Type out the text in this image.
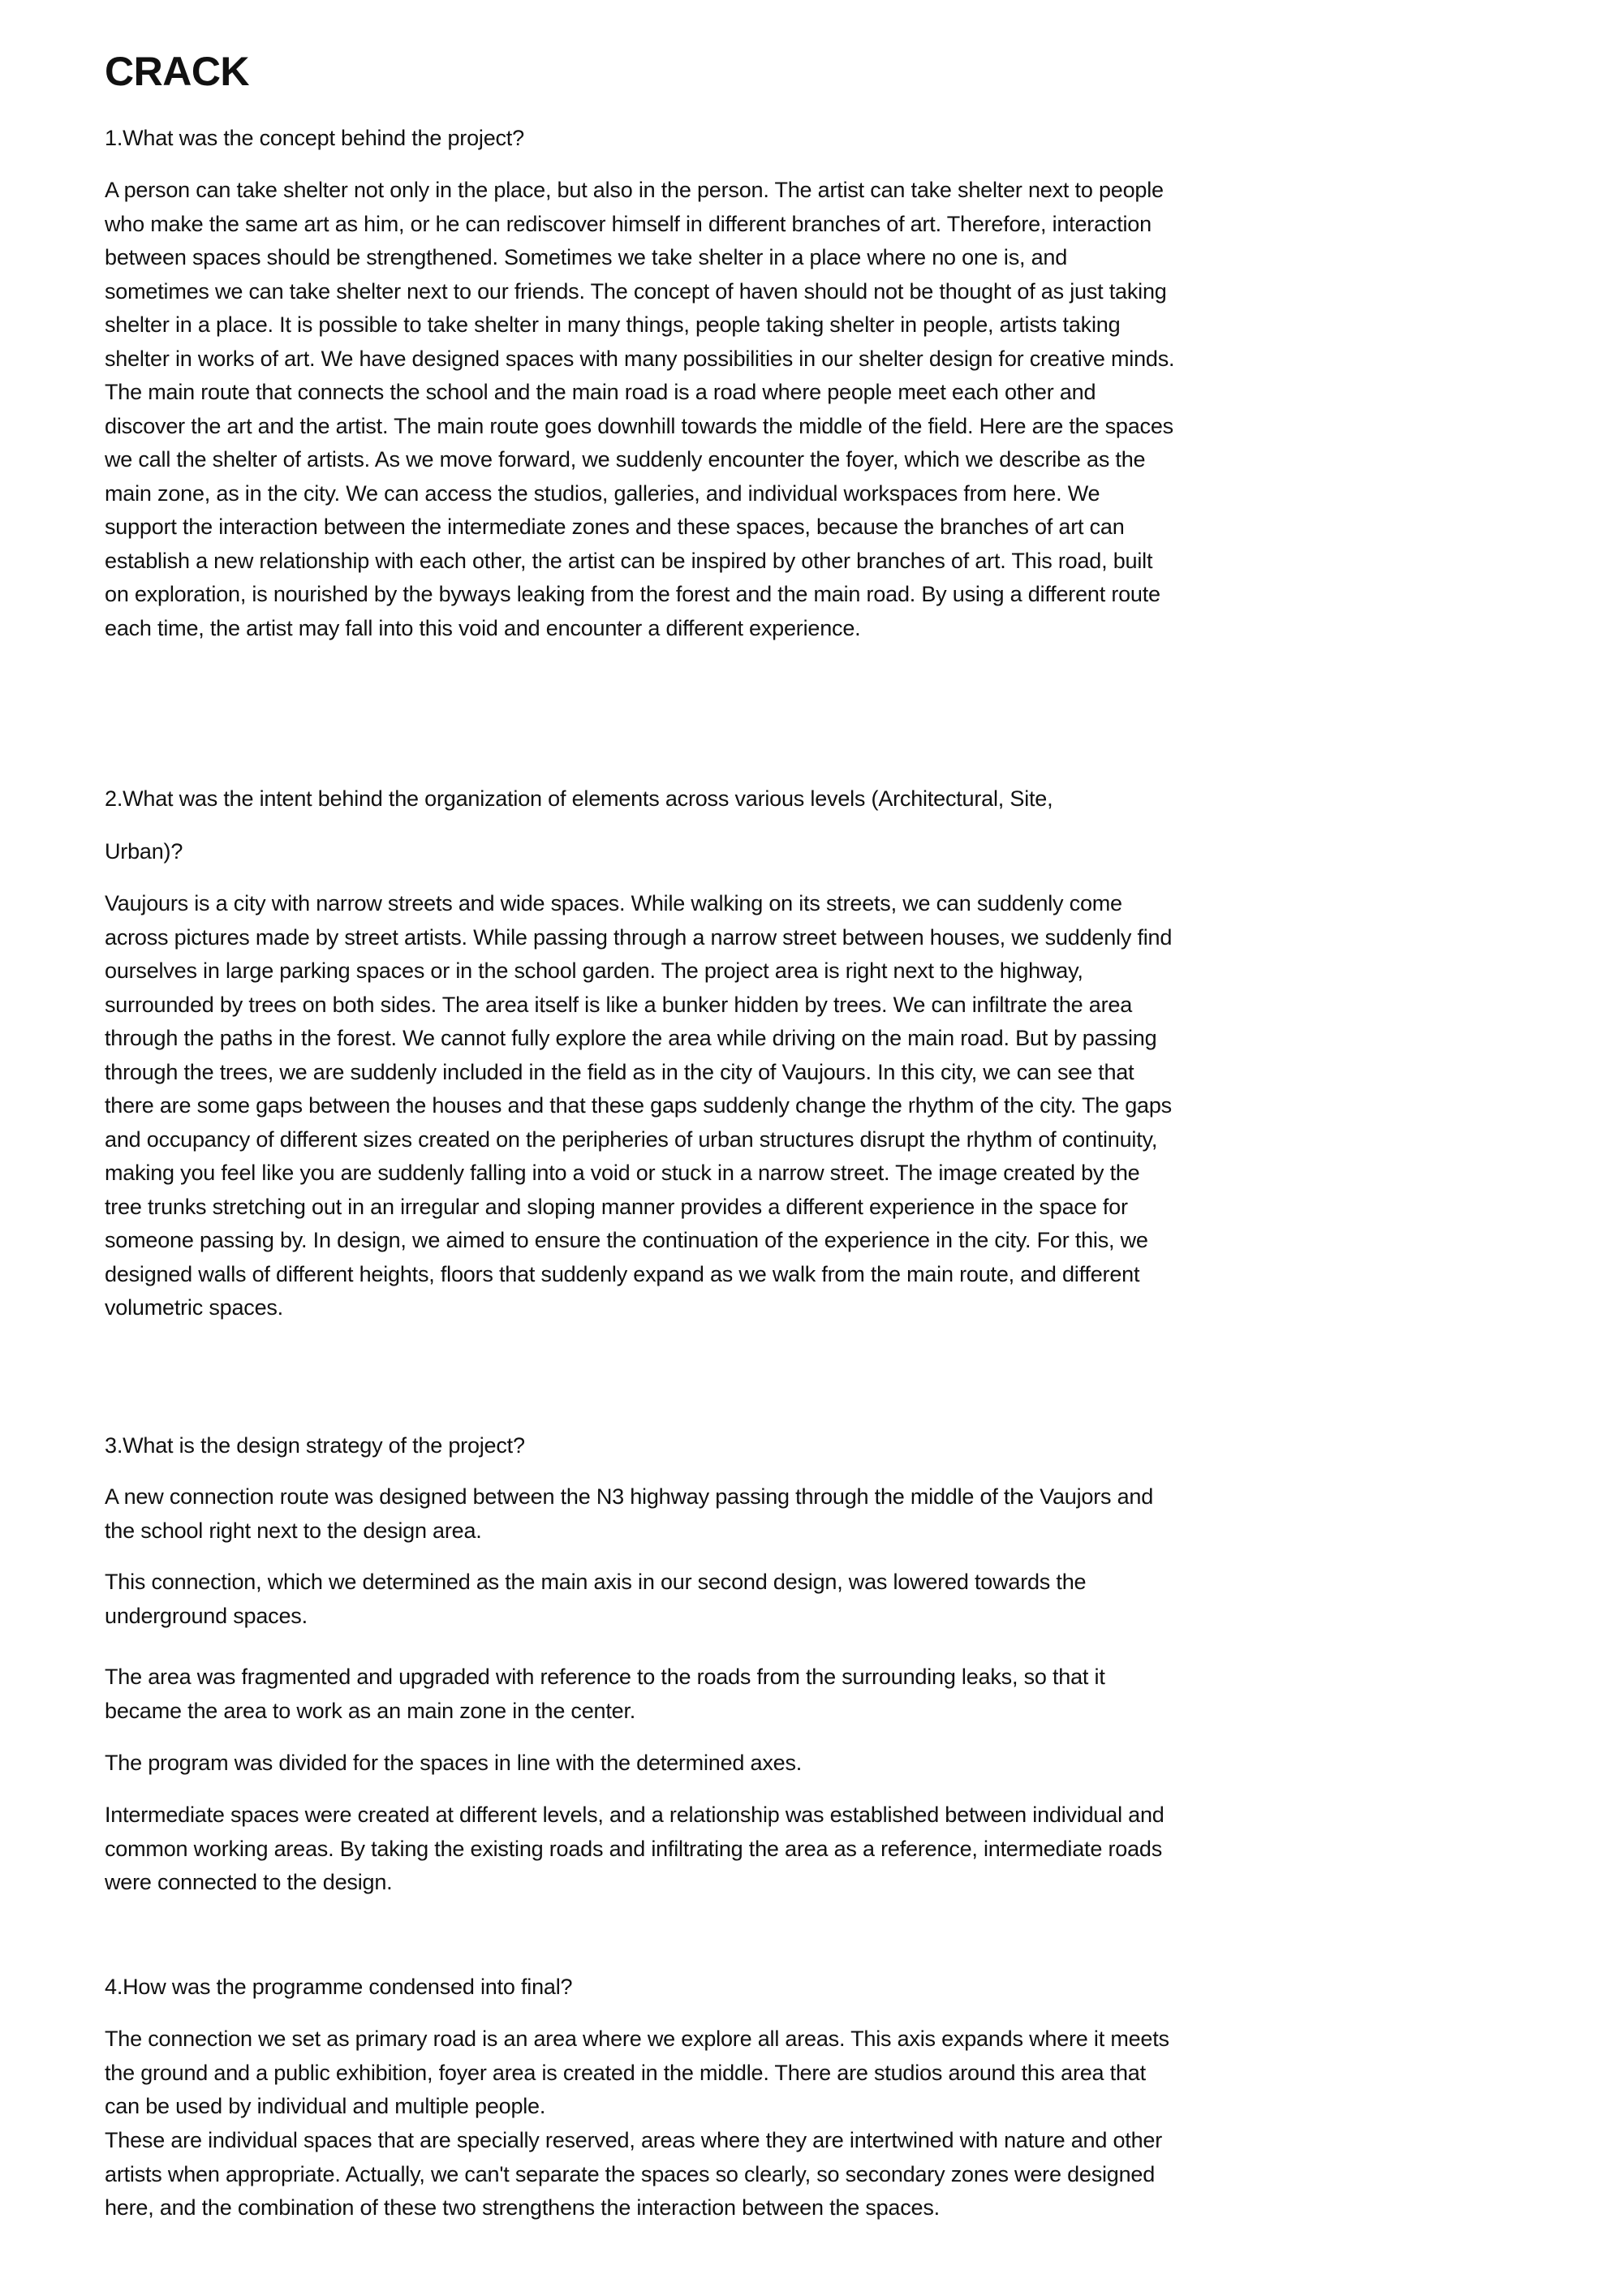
CRACK

1.What was the concept behind the project?

A person can take shelter not only in the place, but also in the person. The artist can take shelter next to people who make the same art as him, or he can rediscover himself in different branches of art. Therefore, interaction between spaces should be strengthened. Sometimes we take shelter in a place where no one is, and sometimes we can take shelter next to our friends. The concept of haven should not be thought of as just taking shelter in a place. It is possible to take shelter in many things, people taking shelter in people, artists taking shelter in works of art. We have designed spaces with many possibilities in our shelter design for creative minds. The main route that connects the school and the main road is a road where people meet each other and discover the art and the artist. The main route goes downhill towards the middle of the field. Here are the spaces we call the shelter of artists. As we move forward, we suddenly encounter the foyer, which we describe as the main zone, as in the city. We can access the studios, galleries, and individual workspaces from here. We support the interaction between the intermediate zones and these spaces, because the branches of art can establish a new relationship with each other, the artist can be inspired by other branches of art. This road, built on exploration, is nourished by the byways leaking from the forest and the main road. By using a different route each time, the artist may fall into this void and encounter a different experience.

2.What was the intent behind the organization of elements across various levels (Architectural, Site,

Urban)?

Vaujours is a city with narrow streets and wide spaces. While walking on its streets, we can suddenly come across pictures made by street artists. While passing through a narrow street between houses, we suddenly find ourselves in large parking spaces or in the school garden. The project area is right next to the highway, surrounded by trees on both sides. The area itself is like a bunker hidden by trees. We can infiltrate the area through the paths in the forest. We cannot fully explore the area while driving on the main road. But by passing through the trees, we are suddenly included in the field as in the city of Vaujours. In this city, we can see that there are some gaps between the houses and that these gaps suddenly change the rhythm of the city. The gaps and occupancy of different sizes created on the peripheries of urban structures disrupt the rhythm of continuity, making you feel like you are suddenly falling into a void or stuck in a narrow street. The image created by the tree trunks stretching out in an irregular and sloping manner provides a different experience in the space for someone passing by. In design, we aimed to ensure the continuation of the experience in the city. For this, we designed walls of different heights, floors that suddenly expand as we walk from the main route, and different volumetric spaces.

3.What is the design strategy of the project?

A new connection route was designed between the N3 highway passing through the middle of the Vaujors and the school right next to the design area.

This connection, which we determined as the main axis in our second design, was lowered towards the underground spaces.

The area was fragmented and upgraded with reference to the roads from the surrounding leaks, so that it became the area to work as an main zone in the center.

The program was divided for the spaces in line with the determined axes.

Intermediate spaces were created at different levels, and a relationship was established between individual and common working areas. By taking the existing roads and infiltrating the area as a reference, intermediate roads were connected to the design.

4.How was the programme condensed into final?

The connection we set as primary road is an area where we explore all areas. This axis expands where it meets the ground and a public exhibition, foyer area is created in the middle. There are studios around this area that can be used by individual and multiple people.

These are individual spaces that are specially reserved, areas where they are intertwined with nature and other artists when appropriate. Actually, we can't separate the spaces so clearly, so secondary zones were designed here, and the combination of these two strengthens the interaction between the spaces.
